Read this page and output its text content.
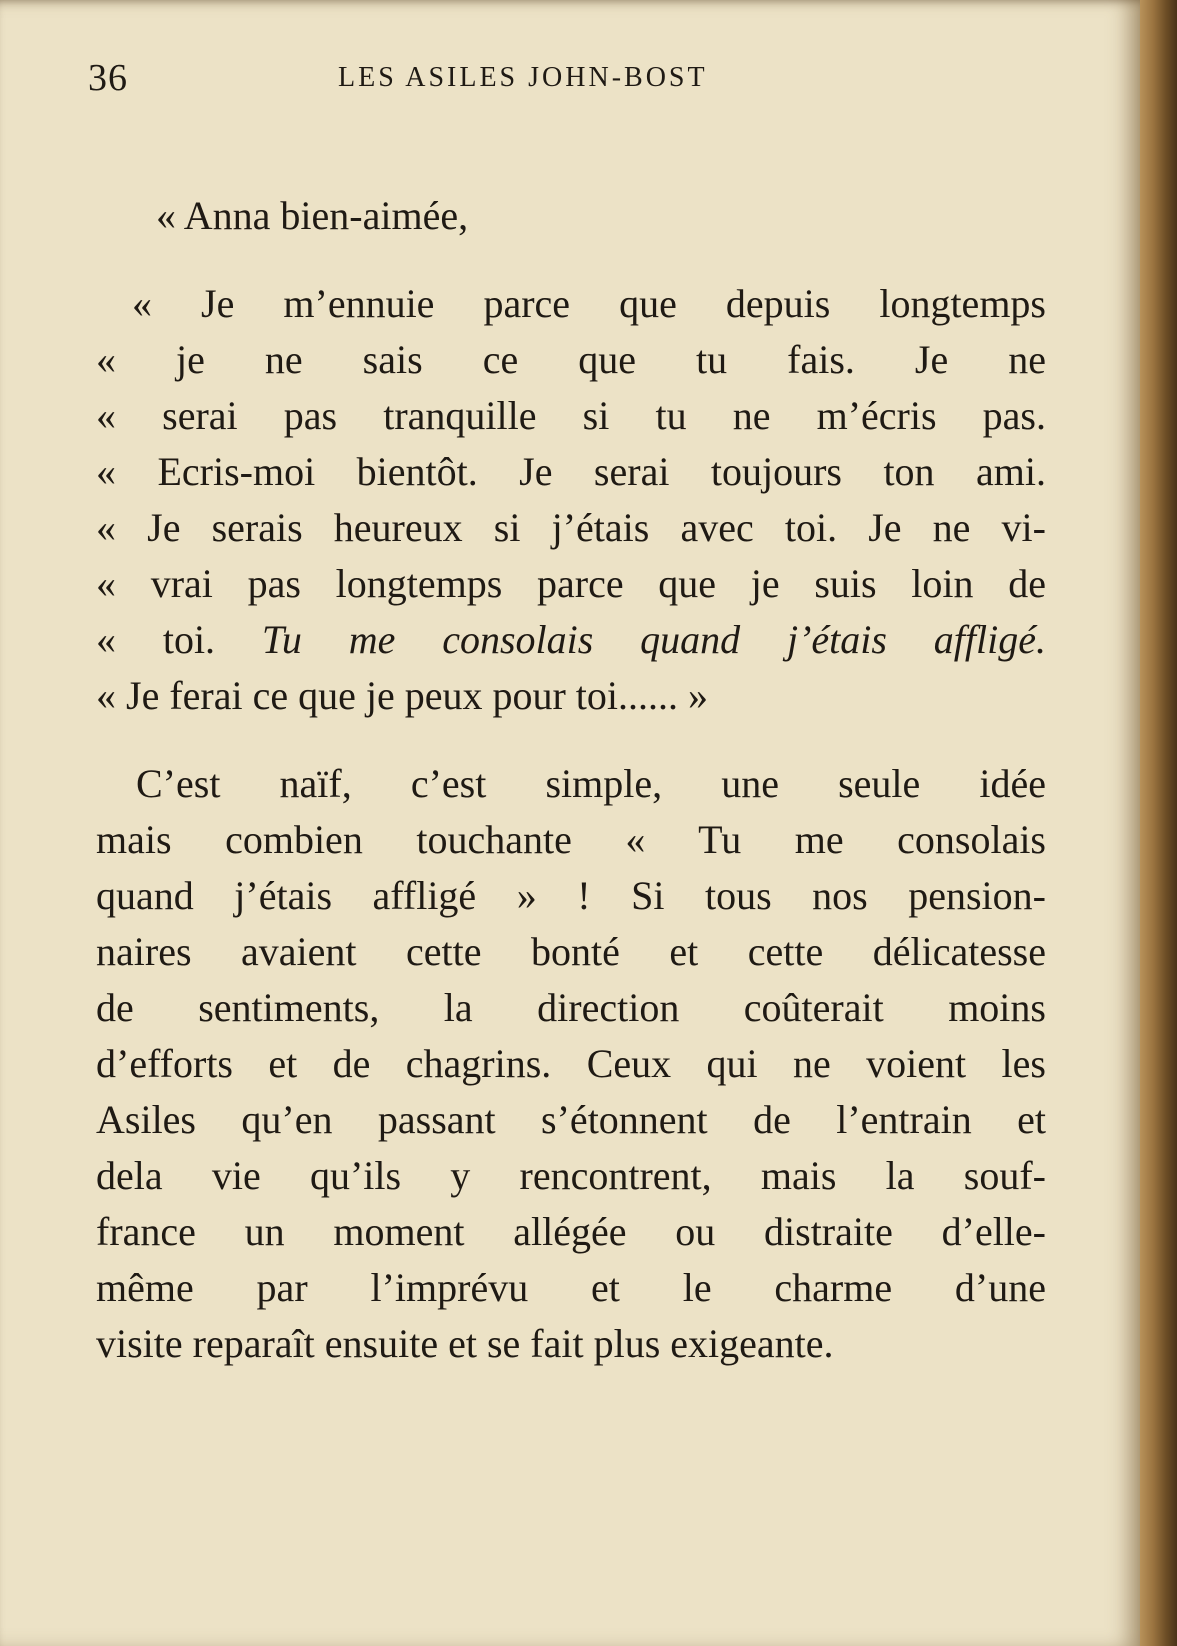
36	LES ASILES JOHN-BOST
« Anna bien-aimée,
« Je m’ennuie parce que depuis longtemps
« je ne sais ce que tu fais. Je ne
« serai pas tranquille si tu ne m’écris pas.
« Ecris-moi bientôt. Je serai toujours ton ami.
« Je serais heureux si j’étais avec toi. Je ne vi-
« vrai pas longtemps parce que je suis loin de
« toi. Tu me consolais quand j’étais affligé.
« Je ferai ce que je peux pour toi...... »
C’est naïf, c’est simple, une seule idée
mais combien touchante « Tu me consolais
quand j’étais affligé » ! Si tous nos pension-
naires avaient cette bonté et cette délicatesse
de sentiments, la direction coûterait moins
d’efforts et de chagrins. Ceux qui ne voient les
Asiles qu’en passant s’étonnent de l’entrain et
dela vie qu’ils y rencontrent, mais la souf-
france un moment allégée ou distraite d’elle-
même par l’imprévu et le charme d’une
visite reparaît ensuite et se fait plus exigeante.
